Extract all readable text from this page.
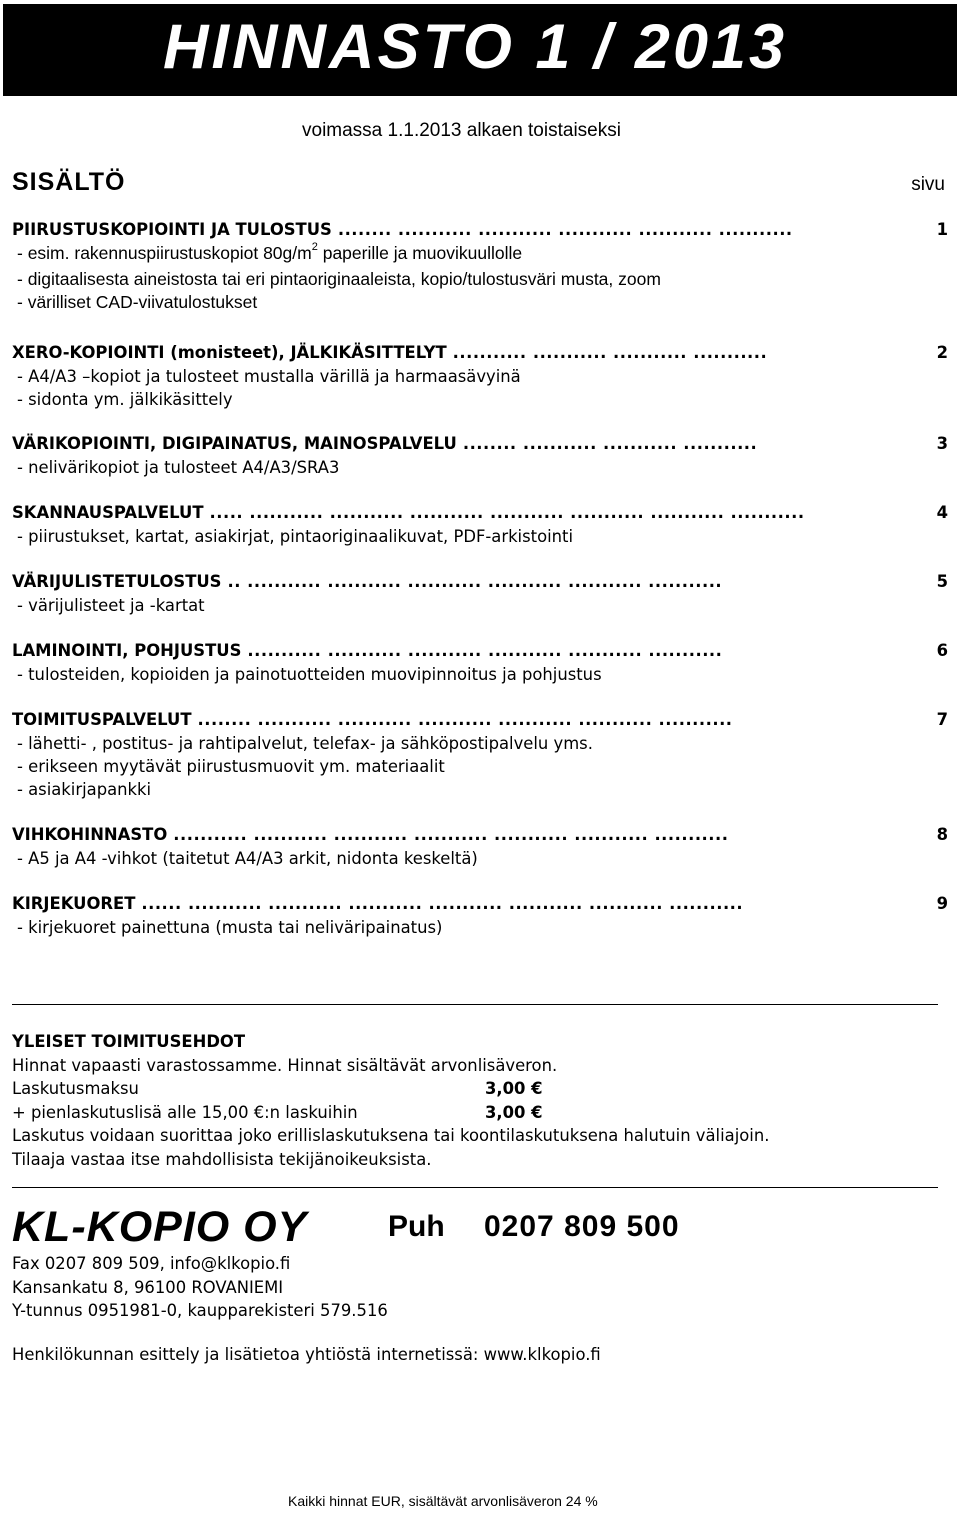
HINNASTO 1 / 2013
voimassa 1.1.2013 alkaen toistaiseksi
SISÄLTÖ	sivu
PIIRUSTUSKOPIOINTI JA TULOSTUS ........ ........... ........... ........... ........... ...........	1
- esim. rakennuspiirustuskopiot $80g/m^2$ paperille ja muovikuullolle
- digitaalisesta aineistosta tai eri pintaoriginaaleista, kopio/tulostusväri musta, zoom
- värilliset CAD-viivatulostukset
XERO-KOPIOINTI (monisteet), JÄLKIKÄSITTELYT ........... ........... ........... ...........	2
- A4/A3 –kopiot ja tulosteet mustalla värillä ja harmaasävyinä
- sidonta ym. jälkikäsittely
VÄRIKOPIOINTI, DIGIPAINATUS, MAINOSPALVELU ........ ........... ........... ...........	3
- nelivärikopiot ja tulosteet A4/A3/SRA3
SKANNAUSPALVELUT ..... ........... ........... ........... ........... ........... ........... ...........	4
- piirustukset, kartat, asiakirjat, pintaoriginaalikuvat, PDF-arkistointi
VÄRIJULISTETULOSTUS .. ........... ........... ........... ........... ........... ...........	5
- värijulisteet ja -kartat
LAMINOINTI, POHJUSTUS ........... ........... ........... ........... ........... ...........	6
- tulosteiden, kopioiden ja painotuotteiden muovipinnoitus ja pohjustus
TOIMITUSPALVELUT ........ ........... ........... ........... ........... ........... ...........	7
- lähetti- , postitus- ja rahtipalvelut, telefax- ja sähköpostipalvelu yms.
- erikseen myytävät piirustusmuovit ym. materiaalit
- asiakirjapankki
VIHKOHINNASTO ........... ........... ........... ........... ........... ........... ...........	8
- A5 ja A4 -vihkot (taitetut A4/A3 arkit, nidonta keskeltä)
KIRJEKUORET ...... ........... ........... ........... ........... ........... ........... ...........	9
- kirjekuoret painettuna (musta tai neliväripainatus)
YLEISET TOIMITUSEHDOT
Hinnat vapaasti varastossamme. Hinnat sisältävät arvonlisäveron.
Laskutusmaksu	3,00 €
+ pienlaskutuslisä alle 15,00 €:n laskuihin	3,00 €
Laskutus voidaan suorittaa joko erillislaskutuksena tai koontilaskutuksena halutuin väliajoin.
Tilaaja vastaa itse mahdollisista tekijänoikeuksista.
KL-KOPIO OY	Puh 0207 809 500
Fax 0207 809 509, info@klkopio.fi
Kansankatu 8, 96100 ROVANIEMI
Y-tunnus 0951981-0, kaupparekisteri 579.516
Henkilökunnan esittely ja lisätietoa yhtiöstä internetissä: www.klkopio.fi
Kaikki hinnat EUR, sisältävät arvonlisäveron 24 %
